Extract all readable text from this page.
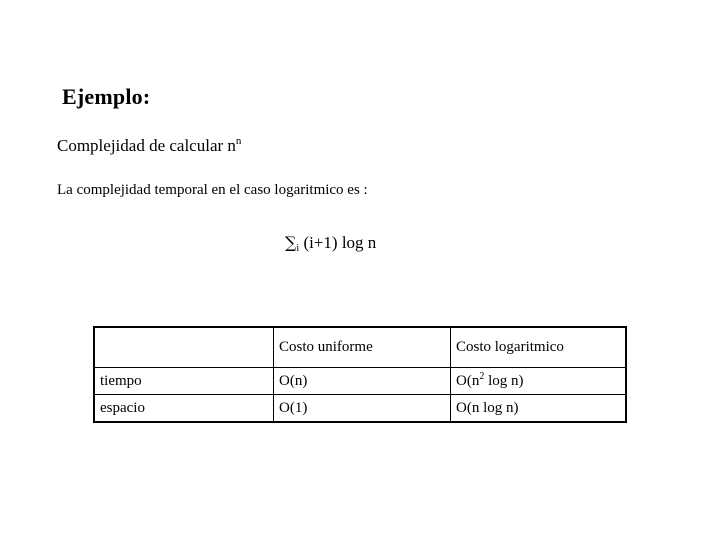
Ejemplo:
Complejidad de calcular $n^n$
La complejidad temporal en el caso logaritmico es :
$\sum_i$ (i+1) log n
	Costo uniforme	Costo logaritmico
tiempo	O(n)	$O(n^2$ log n)
espacio	O(1)	O(n log n)
